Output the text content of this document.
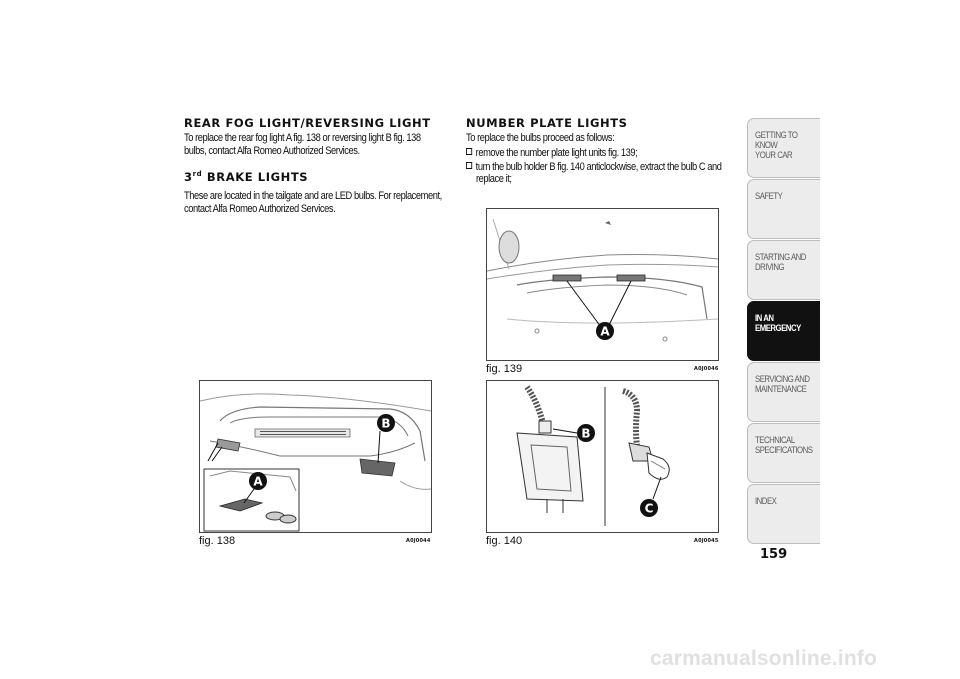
REAR FOG LIGHT/REVERSING LIGHT

To replace the rear fog light A fig. 138 or reversing light B fig. 138 bulbs, contact Alfa Romeo Authorized Services.

3rd BRAKE LIGHTS

These are located in the tailgate and are LED bulbs. For replacement, contact Alfa Romeo Authorized Services.

B
A
fig. 138	A0J0044
NUMBER PLATE LIGHTS

To replace the bulbs proceed as follows:

remove the number plate light units fig. 139;
turn the bulb holder B fig. 140 anticlockwise, extract the bulb C and
replace it;
A
fig. 139	A0J0046
B
C
fig. 140	A0J0045
GETTING TO KNOW
YOUR CAR
SAFETY
STARTING AND
DRIVING
IN AN
EMERGENCY
SERVICING AND
MAINTENANCE
TECHNICAL
SPECIFICATIONS
INDEX
159
carmanualsonline.info
